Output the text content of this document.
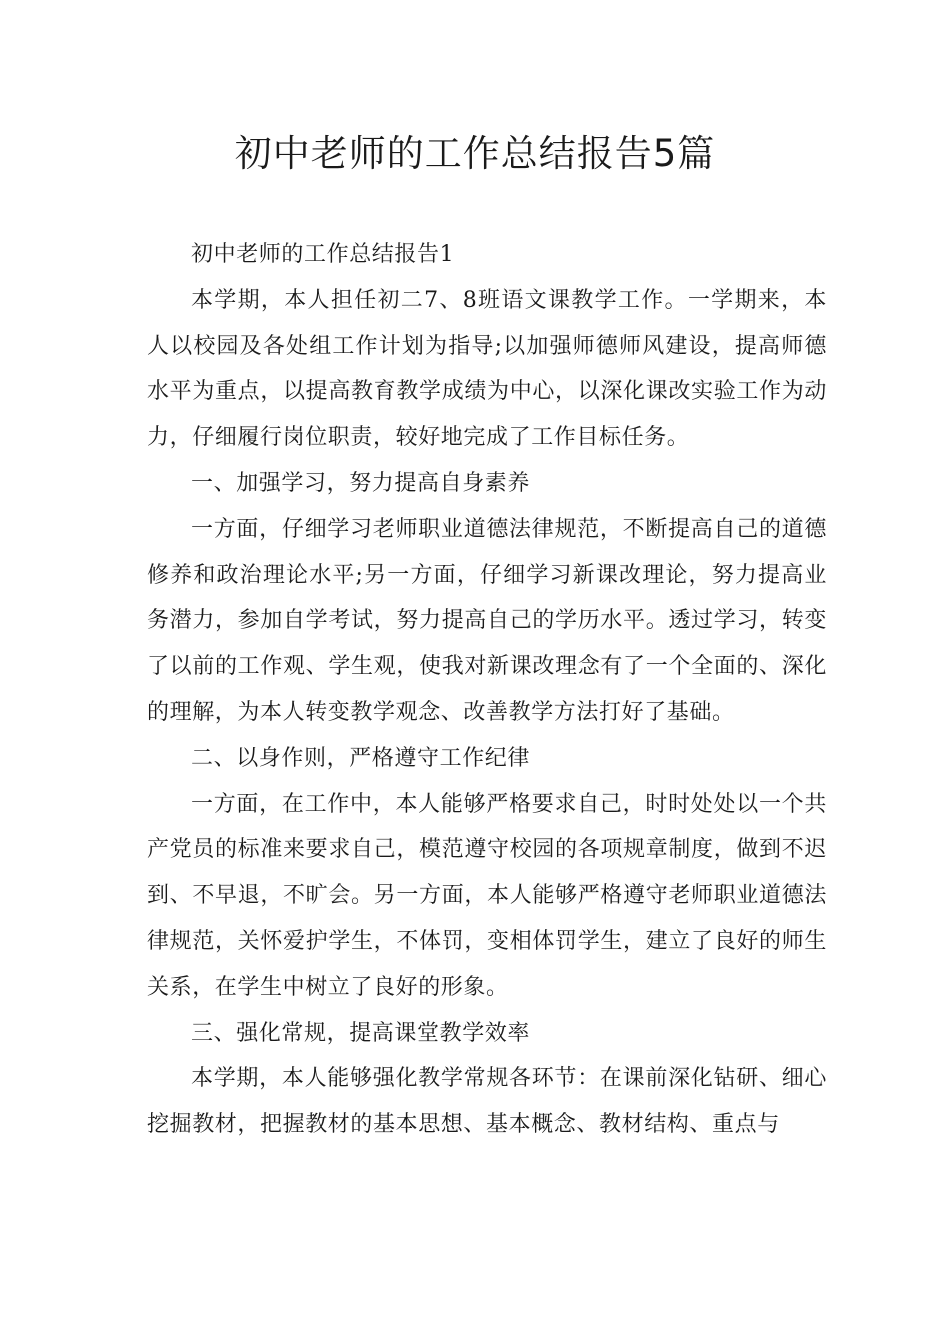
初中老师的工作总结报告5篇

初中老师的工作总结报告1

本学期，本人担任初二7、8班语文课教学工作。一学期来，本人以校园及各处组工作计划为指导;以加强师德师风建设，提高师德水平为重点，以提高教育教学成绩为中心，以深化课改实验工作为动力，仔细履行岗位职责，较好地完成了工作目标任务。

一、加强学习，努力提高自身素养

一方面，仔细学习老师职业道德法律规范，不断提高自己的道德修养和政治理论水平;另一方面，仔细学习新课改理论，努力提高业务潜力，参加自学考试，努力提高自己的学历水平。透过学习，转变了以前的工作观、学生观，使我对新课改理念有了一个全面的、深化的理解，为本人转变教学观念、改善教学方法打好了基础。

二、以身作则，严格遵守工作纪律

一方面，在工作中，本人能够严格要求自己，时时处处以一个共产党员的标准来要求自己，模范遵守校园的各项规章制度，做到不迟到、不早退，不旷会。另一方面，本人能够严格遵守老师职业道德法律规范，关怀爱护学生，不体罚，变相体罚学生，建立了良好的师生关系，在学生中树立了良好的形象。

三、强化常规，提高课堂教学效率

本学期，本人能够强化教学常规各环节：在课前深化钻研、细心挖掘教材，把握教材的基本思想、基本概念、教材结构、重点与
